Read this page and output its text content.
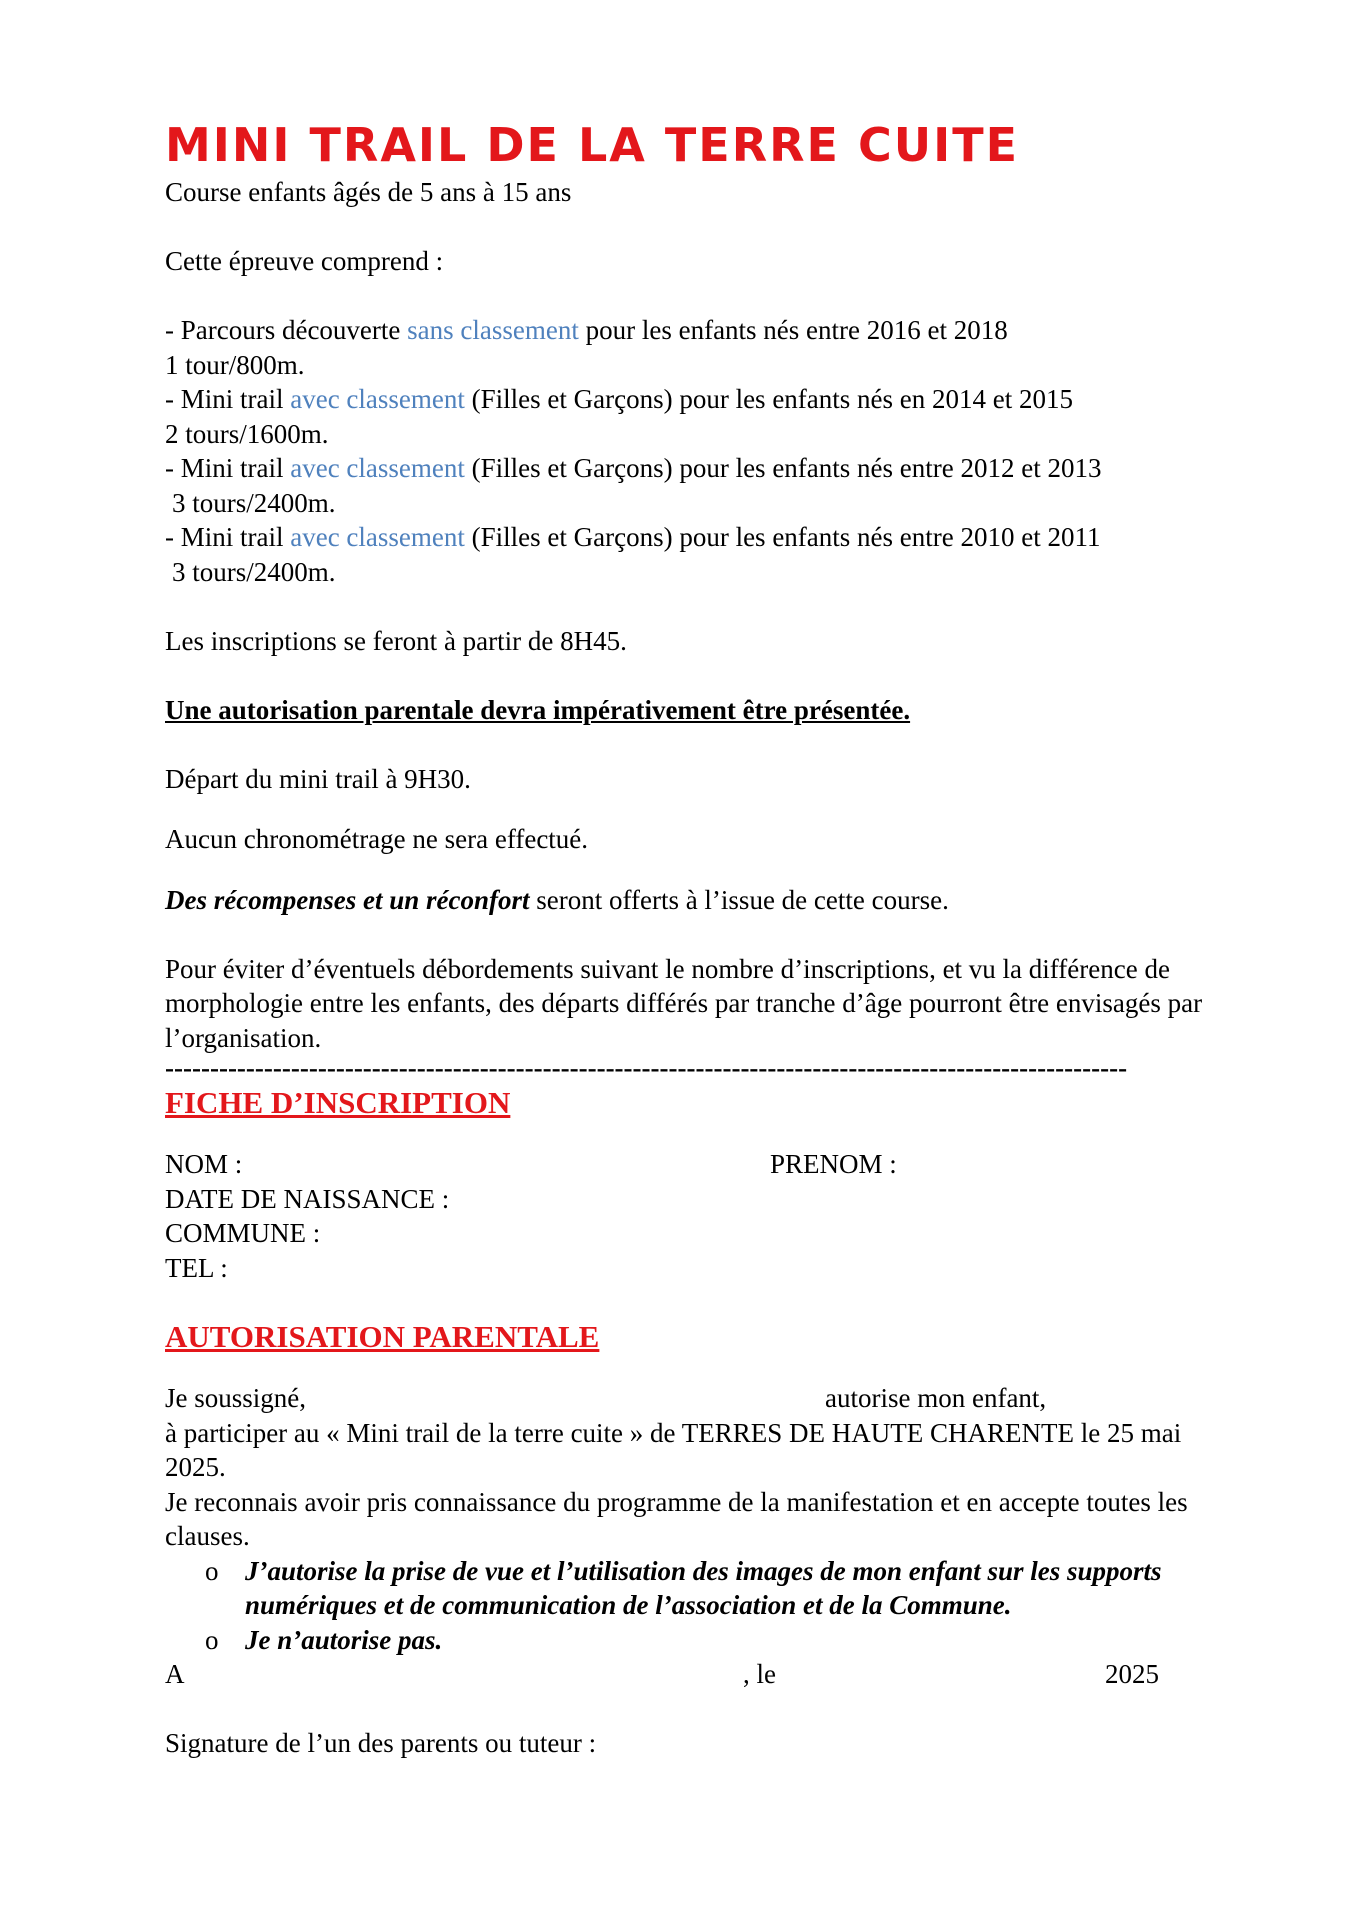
MINI TRAIL DE LA TERRE CUITE

Course enfants âgés de 5 ans à 15 ans

Cette épreuve comprend :

- Parcours découverte sans classement pour les enfants nés entre 2016 et 2018

1 tour/800m.

- Mini trail avec classement (Filles et Garçons) pour les enfants nés en 2014 et 2015

2 tours/1600m.

- Mini trail avec classement (Filles et Garçons) pour les enfants nés entre 2012 et 2013

3 tours/2400m.

- Mini trail avec classement (Filles et Garçons) pour les enfants nés entre 2010 et 2011

3 tours/2400m.

Les inscriptions se feront à partir de 8H45.

Une autorisation parentale devra impérativement être présentée.

Départ du mini trail à 9H30.

Aucun chronométrage ne sera effectué.

Des récompenses et un réconfort seront offerts à l’issue de cette course.

Pour éviter d’éventuels débordements suivant le nombre d’inscriptions, et vu la différence de morphologie entre les enfants, des départs différés par tranche d’âge pourront être envisagés par l’organisation.

-----------------------------------------------------------------------------------------------------------
FICHE D’INSCRIPTION
NOM :	PRENOM :

DATE DE NAISSANCE :

COMMUNE :

TEL :

AUTORISATION PARENTALE
Je soussigné,	autorise mon enfant,

à participer au « Mini trail de la terre cuite » de TERRES DE HAUTE CHARENTE le 25 mai 2025.

Je reconnais avoir pris connaissance du programme de la manifestation et en accepte toutes les clauses.

o J’autorise la prise de vue et l’utilisation des images de mon enfant sur les supports numériques et de communication de l’association et de la Commune.
o Je n’autorise pas.
A	, le	2025

Signature de l’un des parents ou tuteur :
